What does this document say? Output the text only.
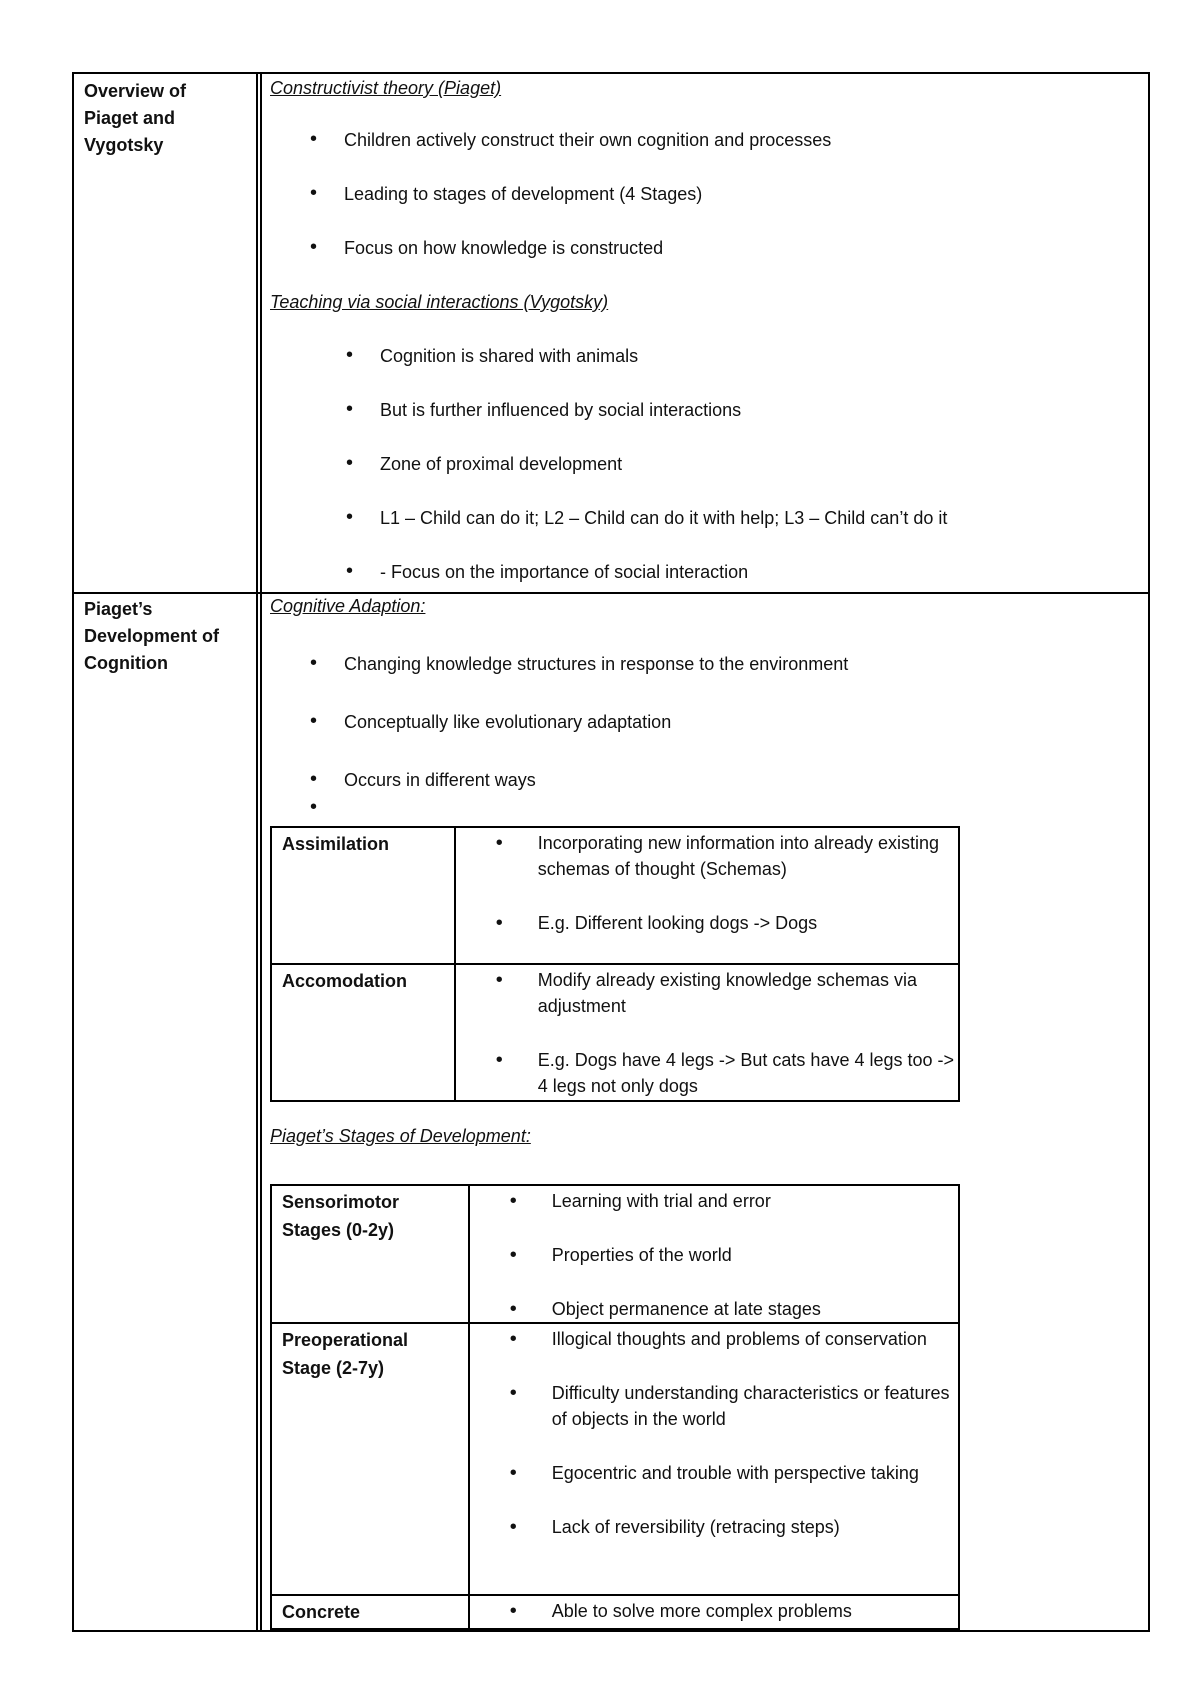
Overview of Piaget and Vygotsky
Constructivist theory (Piaget)
• Children actively construct their own cognition and processes
• Leading to stages of development (4 Stages)
• Focus on how knowledge is constructed
Teaching via social interactions (Vygotsky)
• Cognition is shared with animals
• But is further influenced by social interactions
• Zone of proximal development
• L1 – Child can do it; L2 – Child can do it with help; L3 – Child can’t do it
• - Focus on the importance of social interaction
Piaget’s Development of Cognition
Cognitive Adaption:
• Changing knowledge structures in response to the environment
• Conceptually like evolutionary adaptation
• Occurs in different ways
•
Assimilation	• Incorporating new information into already existing schemas of thought (Schemas)
• E.g. Different looking dogs -> Dogs

Accomodation	• Modify already existing knowledge schemas via adjustment
• E.g. Dogs have 4 legs -> But cats have 4 legs too -> 4 legs not only dogs
Piaget’s Stages of Development:
Sensorimotor Stages (0-2y)	• Learning with trial and error
• Properties of the world
• Object permanence at late stages

Preoperational Stage (2-7y)	• Illogical thoughts and problems of conservation
• Difficulty understanding characteristics or features of objects in the world
• Egocentric and trouble with perspective taking
• Lack of reversibility (retracing steps)

Concrete	• Able to solve more complex problems
